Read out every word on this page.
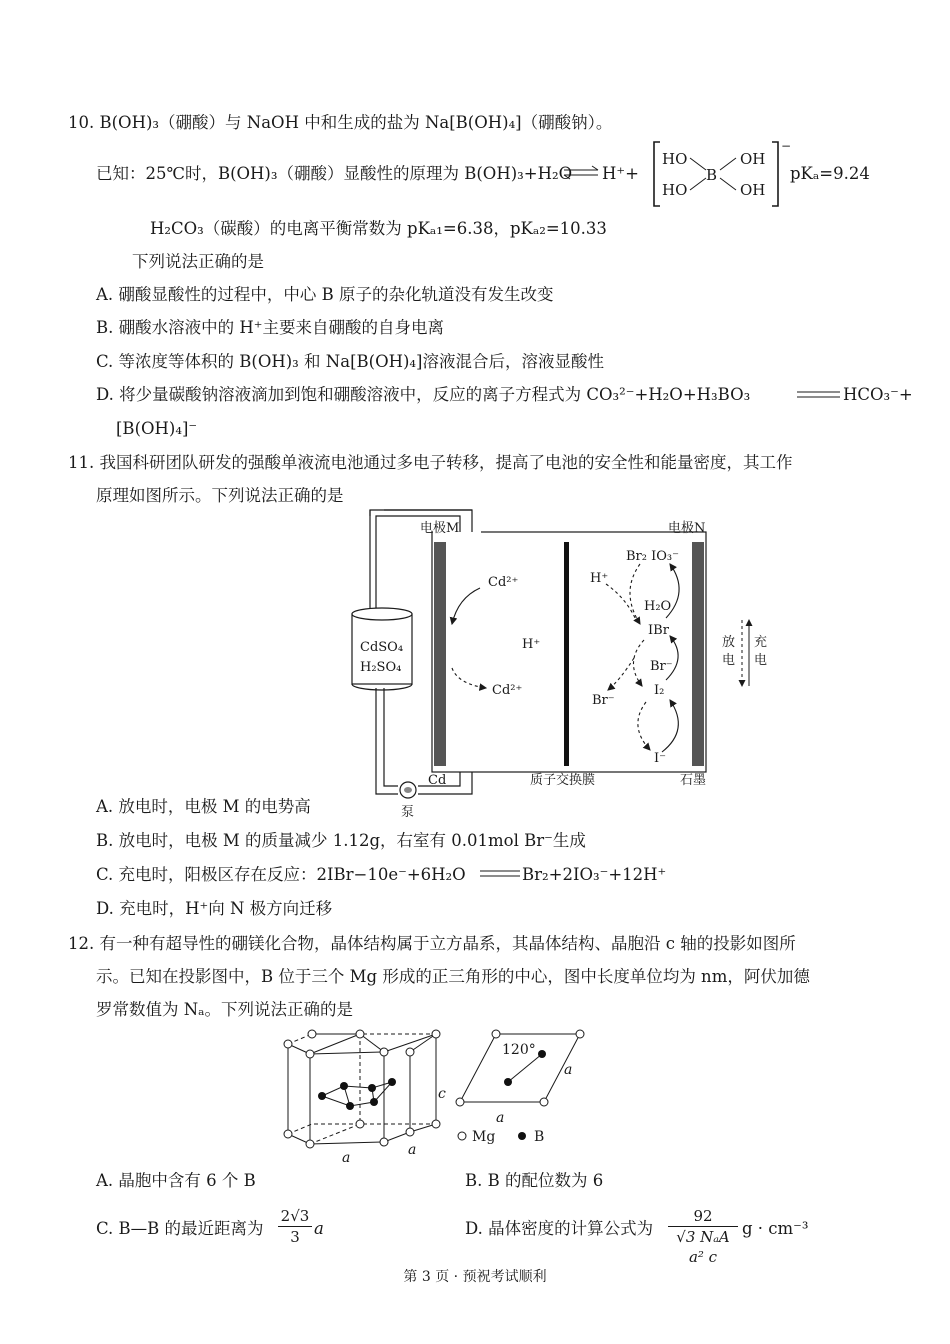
10. B(OH)₃（硼酸）与 NaOH 中和生成的盐为 Na[B(OH)₄]（硼酸钠）。
已知：25℃时，B(OH)₃（硼酸）显酸性的原理为 B(OH)₃+H₂O
HO	OH
B
HO	OH
−
H⁺+	pKₐ=9.24
H₂CO₃（碳酸）的电离平衡常数为 pKₐ₁=6.38，pKₐ₂=10.33
下列说法正确的是
A. 硼酸显酸性的过程中，中心 B 原子的杂化轨道没有发生改变
B. 硼酸水溶液中的 H⁺主要来自硼酸的自身电离
C. 等浓度等体积的 B(OH)₃ 和 Na[B(OH)₄]溶液混合后，溶液显酸性
D. 将少量碳酸钠溶液滴加到饱和硼酸溶液中，反应的离子方程式为 CO₃²⁻+H₂O+H₃BO₃	HCO₃⁻+
[B(OH)₄]⁻
11. 我国科研团队研发的强酸单液流电池通过多电子转移，提高了电池的安全性和能量密度，其工作
原理如图所示。下列说法正确的是
CdSO₄
H₂SO₄
泵
电极M	电极N
Cd	质子交换膜	石墨
Cd²⁺
Cd²⁺
H⁺
Br₂ IO₃⁻
H⁺
H₂O
IBr
Br⁻
Br⁻
I₂
I⁻
放
电
充
电
A. 放电时，电极 M 的电势高
B. 放电时，电极 M 的质量减少 1.12g，右室有 0.01mol Br⁻生成
C. 充电时，阳极区存在反应：2IBr−10e⁻+6H₂O	Br₂+2IO₃⁻+12H⁺
D. 充电时，H⁺向 N 极方向迁移
12. 有一种有超导性的硼镁化合物，晶体结构属于立方晶系，其晶体结构、晶胞沿 c 轴的投影如图所
示。已知在投影图中，B 位于三个 Mg 形成的正三角形的中心，图中长度单位均为 nm，阿伏加德
罗常数值为 Nₐ。下列说法正确的是
c
a	a
120°
a
a
Mg	B
A. 晶胞中含有 6 个 B	B. B 的配位数为 6
C. B—B 的最近距离为 $\frac{2√3}{3}$ a	D. 晶体密度的计算公式为
92
√3 NₐA a² c
g · cm⁻³
第 3 页 · 预祝考试顺利
